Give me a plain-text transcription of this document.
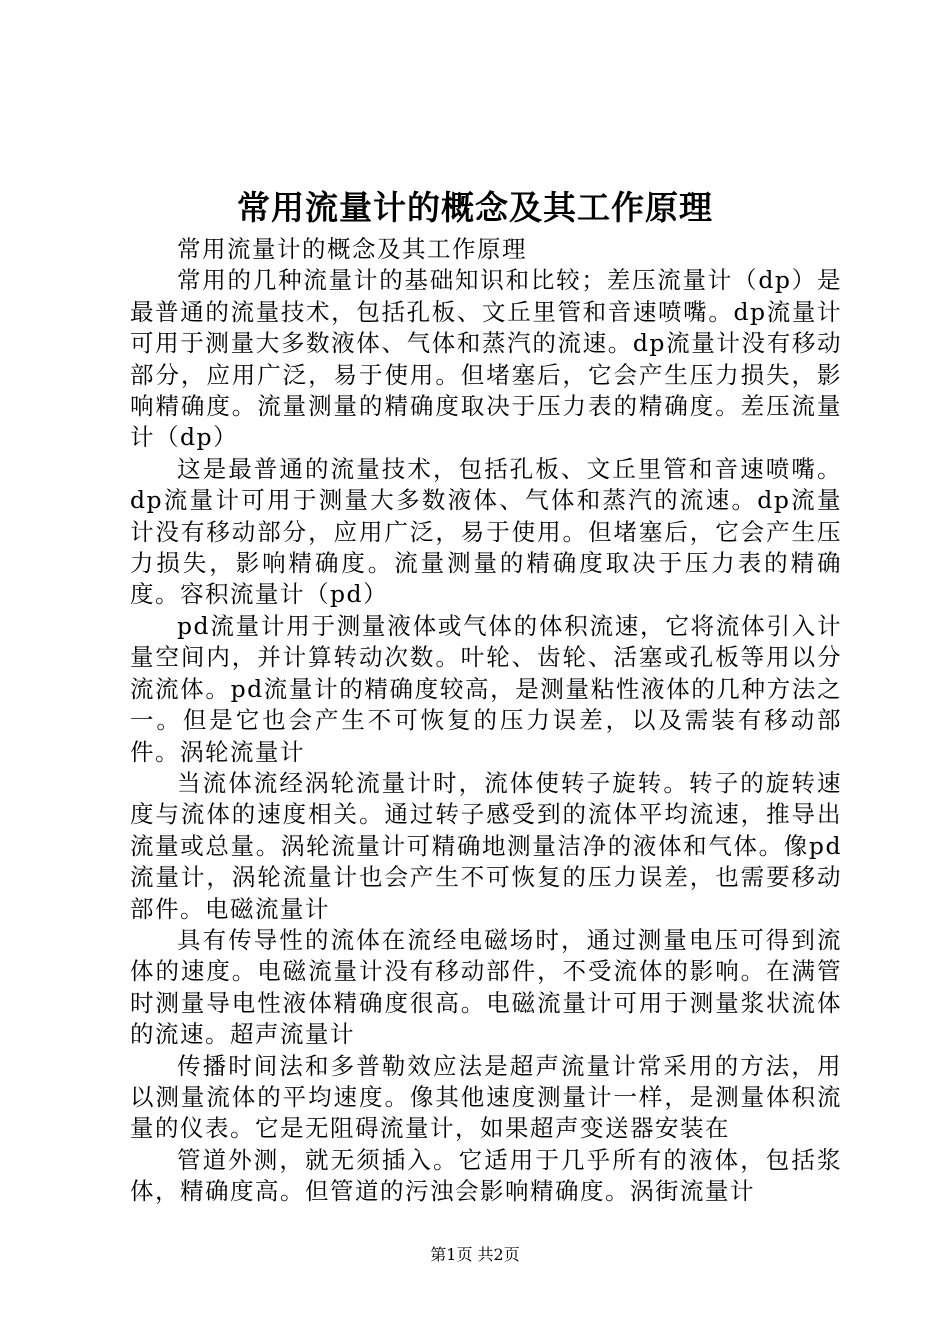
常用流量计的概念及其工作原理

常用流量计的概念及其工作原理

常用的几种流量计的基础知识和比较；差压流量计（dp）是最普通的流量技术，包括孔板、文丘里管和音速喷嘴。dp流量计可用于测量大多数液体、气体和蒸汽的流速。dp流量计没有移动部分，应用广泛，易于使用。但堵塞后，它会产生压力损失，影响精确度。流量测量的精确度取决于压力表的精确度。差压流量计（dp）

这是最普通的流量技术，包括孔板、文丘里管和音速喷嘴。dp流量计可用于测量大多数液体、气体和蒸汽的流速。dp流量计没有移动部分，应用广泛，易于使用。但堵塞后，它会产生压力损失，影响精确度。流量测量的精确度取决于压力表的精确度。容积流量计（pd）

pd流量计用于测量液体或气体的体积流速，它将流体引入计量空间内，并计算转动次数。叶轮、齿轮、活塞或孔板等用以分流流体。pd流量计的精确度较高，是测量粘性液体的几种方法之一。但是它也会产生不可恢复的压力误差，以及需装有移动部件。涡轮流量计

当流体流经涡轮流量计时，流体使转子旋转。转子的旋转速度与流体的速度相关。通过转子感受到的流体平均流速，推导出流量或总量。涡轮流量计可精确地测量洁净的液体和气体。像pd流量计，涡轮流量计也会产生不可恢复的压力误差，也需要移动部件。电磁流量计

具有传导性的流体在流经电磁场时，通过测量电压可得到流体的速度。电磁流量计没有移动部件，不受流体的影响。在满管时测量导电性液体精确度很高。电磁流量计可用于测量浆状流体的流速。超声流量计

传播时间法和多普勒效应法是超声流量计常采用的方法，用以测量流体的平均速度。像其他速度测量计一样，是测量体积流量的仪表。它是无阻碍流量计，如果超声变送器安装在

管道外测，就无须插入。它适用于几乎所有的液体，包括浆体，精确度高。但管道的污浊会影响精确度。涡街流量计

第1页 共2页
